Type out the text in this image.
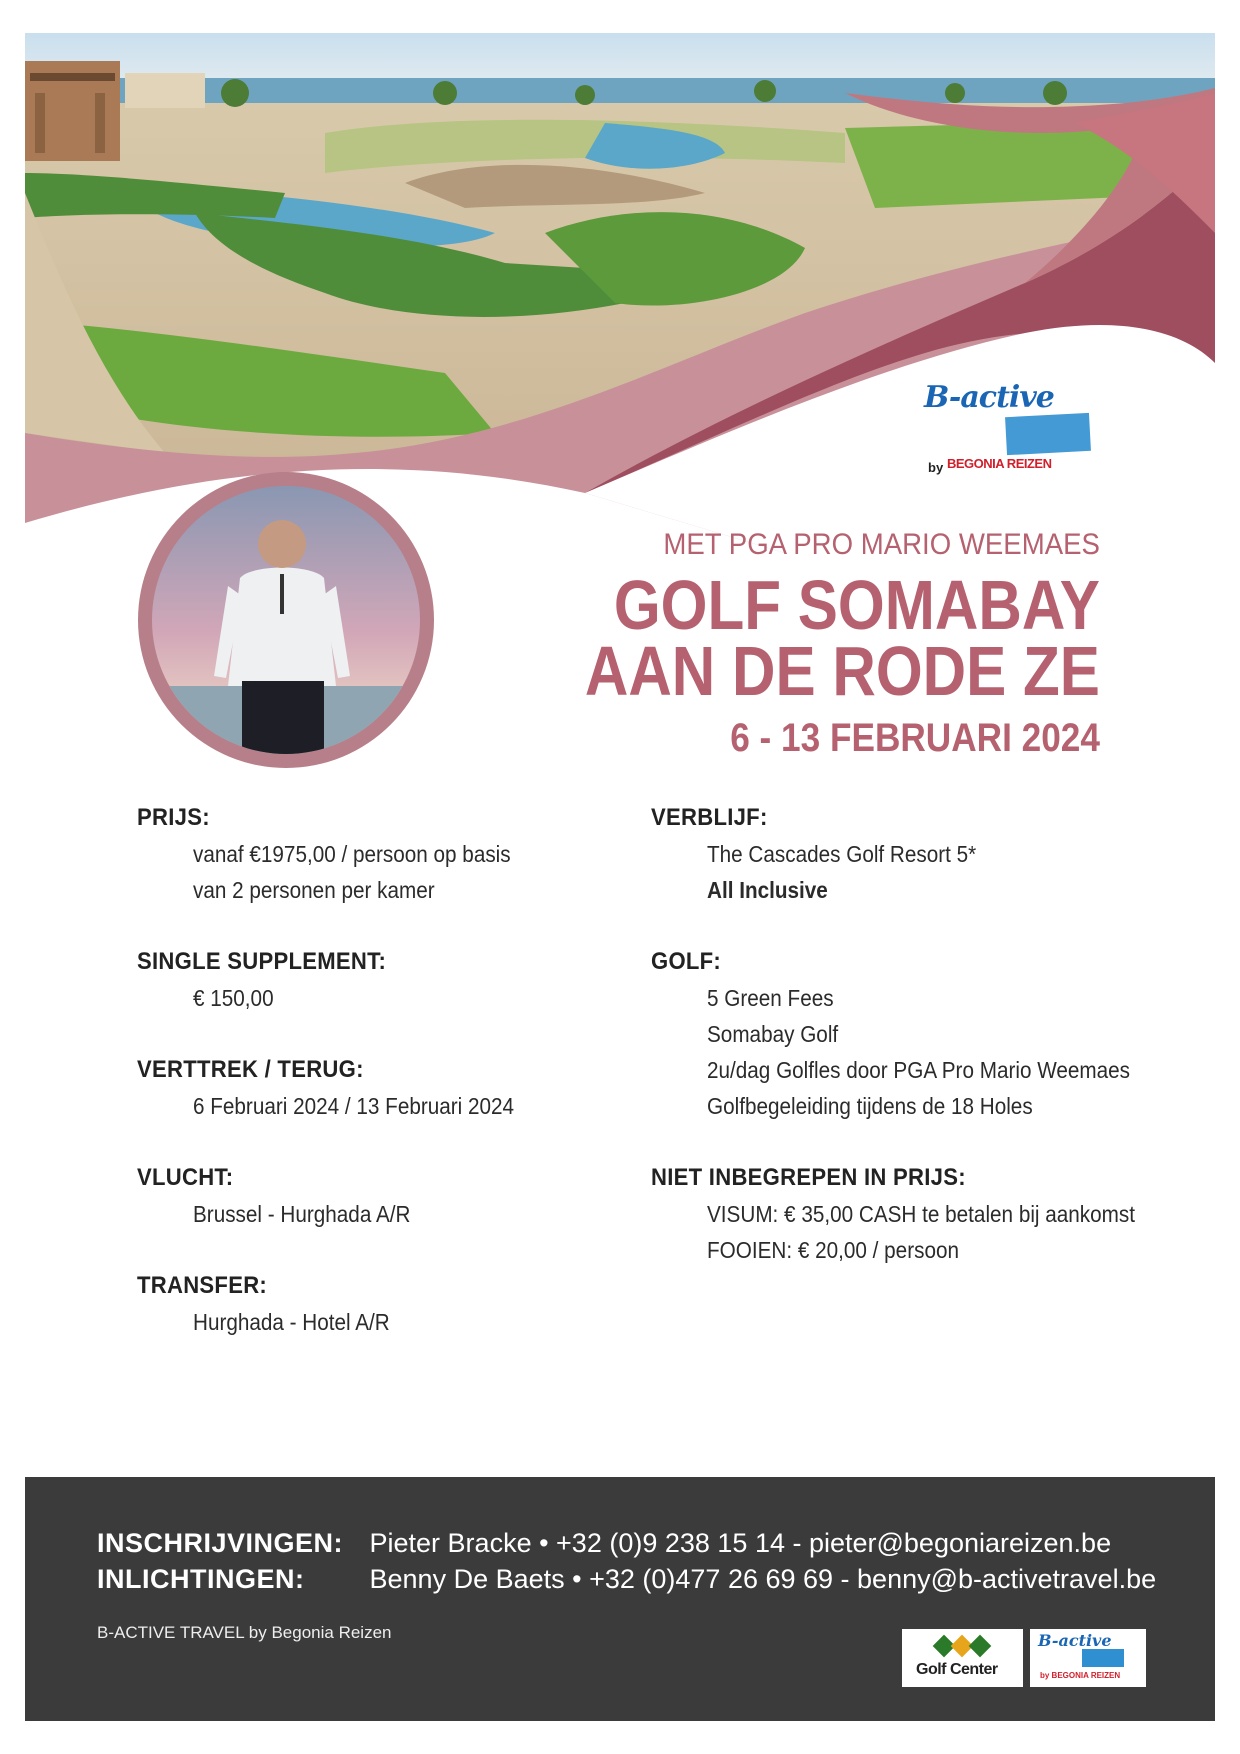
B-active
by BEGONIA REIZEN
MET PGA PRO MARIO WEEMAES
GOLF SOMABAY
AAN DE RODE ZE
6 - 13 FEBRUARI 2024
PRIJS:
vanaf €1975,00 / persoon op basis
van 2 personen per kamer
SINGLE SUPPLEMENT:
€ 150,00
VERTTREK / TERUG:
6 Februari 2024 / 13 Februari 2024
VLUCHT:
Brussel - Hurghada A/R
TRANSFER:
Hurghada - Hotel A/R
VERBLIJF:
The Cascades Golf Resort 5*
All Inclusive
GOLF:
5 Green Fees
Somabay Golf
2u/dag Golfles door PGA Pro Mario Weemaes
Golfbegeleiding tijdens de 18 Holes
NIET INBEGREPEN IN PRIJS:
VISUM: € 35,00 CASH te betalen bij aankomst
FOOIEN: € 20,00 / persoon
INSCHRIJVINGEN: Pieter Bracke • +32 (0)9 238 15 14 - pieter@begoniareizen.be
INLICHTINGEN: Benny De Baets • +32 (0)477 26 69 69 - benny@b-activetravel.be
B-ACTIVE TRAVEL by Begonia Reizen
Golf Center
B-active
by BEGONIA REIZEN
